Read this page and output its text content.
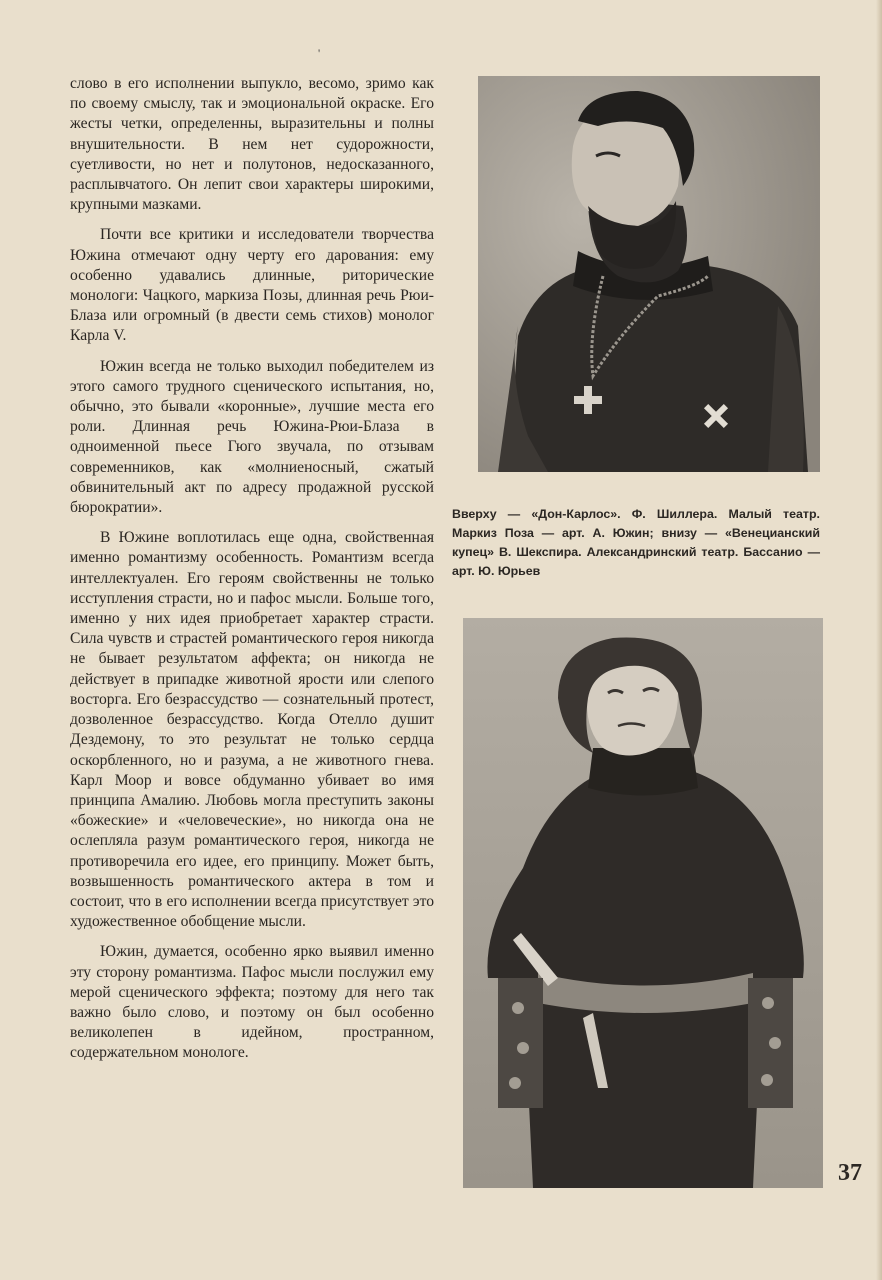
'

слово в его исполнении выпукло, весомо, зримо как по своему смыслу, так и эмоциональной окраске. Его жесты четки, определенны, выразительны и полны внушительности. В нем нет судорожности, суетливости, но нет и полутонов, недосказанного, расплывчатого. Он лепит свои характеры широкими, крупными мазками.

Почти все критики и исследователи творчества Южина отмечают одну черту его дарования: ему особенно удавались длинные, риторические монологи: Чацкого, маркиза Позы, длинная речь Рюи-Блаза или огромный (в двести семь стихов) монолог Карла V.

Южин всегда не только выходил победителем из этого самого трудного сценического испытания, но, обычно, это бывали «коронные», лучшие места его роли. Длинная речь Южина-Рюи-Блаза в одноименной пьесе Гюго звучала, по отзывам современников, как «молниеносный, сжатый обвинительный акт по адресу продажной русской бюрократии».

В Южине воплотилась еще одна, свойственная именно романтизму особенность. Романтизм всегда интеллектуален. Его героям свойственны не только исступления страсти, но и пафос мысли. Больше того, именно у них идея приобретает характер страсти. Сила чувств и страстей романтического героя никогда не бывает результатом аффекта; он никогда не действует в припадке животной ярости или слепого восторга. Его безрассудство — сознательный протест, дозволенное безрассудство. Когда Отелло душит Дездемону, то это результат не только сердца оскорбленного, но и разума, а не животного гнева. Карл Моор и вовсе обдуманно убивает во имя принципа Амалию. Любовь могла преступить законы «божеские» и «человеческие», но никогда она не ослепляла разум романтического героя, никогда не противоречила его идее, его принципу. Может быть, возвышенность романтического актера в том и состоит, что в его исполнении всегда присутствует это художественное обобщение мысли.

Южин, думается, особенно ярко выявил именно эту сторону романтизма. Пафос мысли послужил ему мерой сценического эффекта; поэтому для него так важно было слово, и поэтому он был особенно великолепен в идейном, пространном, содержательном монологе.

Вверху — «Дон-Карлос». Ф. Шиллера. Малый театр. Маркиз Поза — арт. А. Южин; внизу — «Венецианский купец» В. Шекспира. Александринский театр. Бассанио — арт. Ю. Юрьев
37
